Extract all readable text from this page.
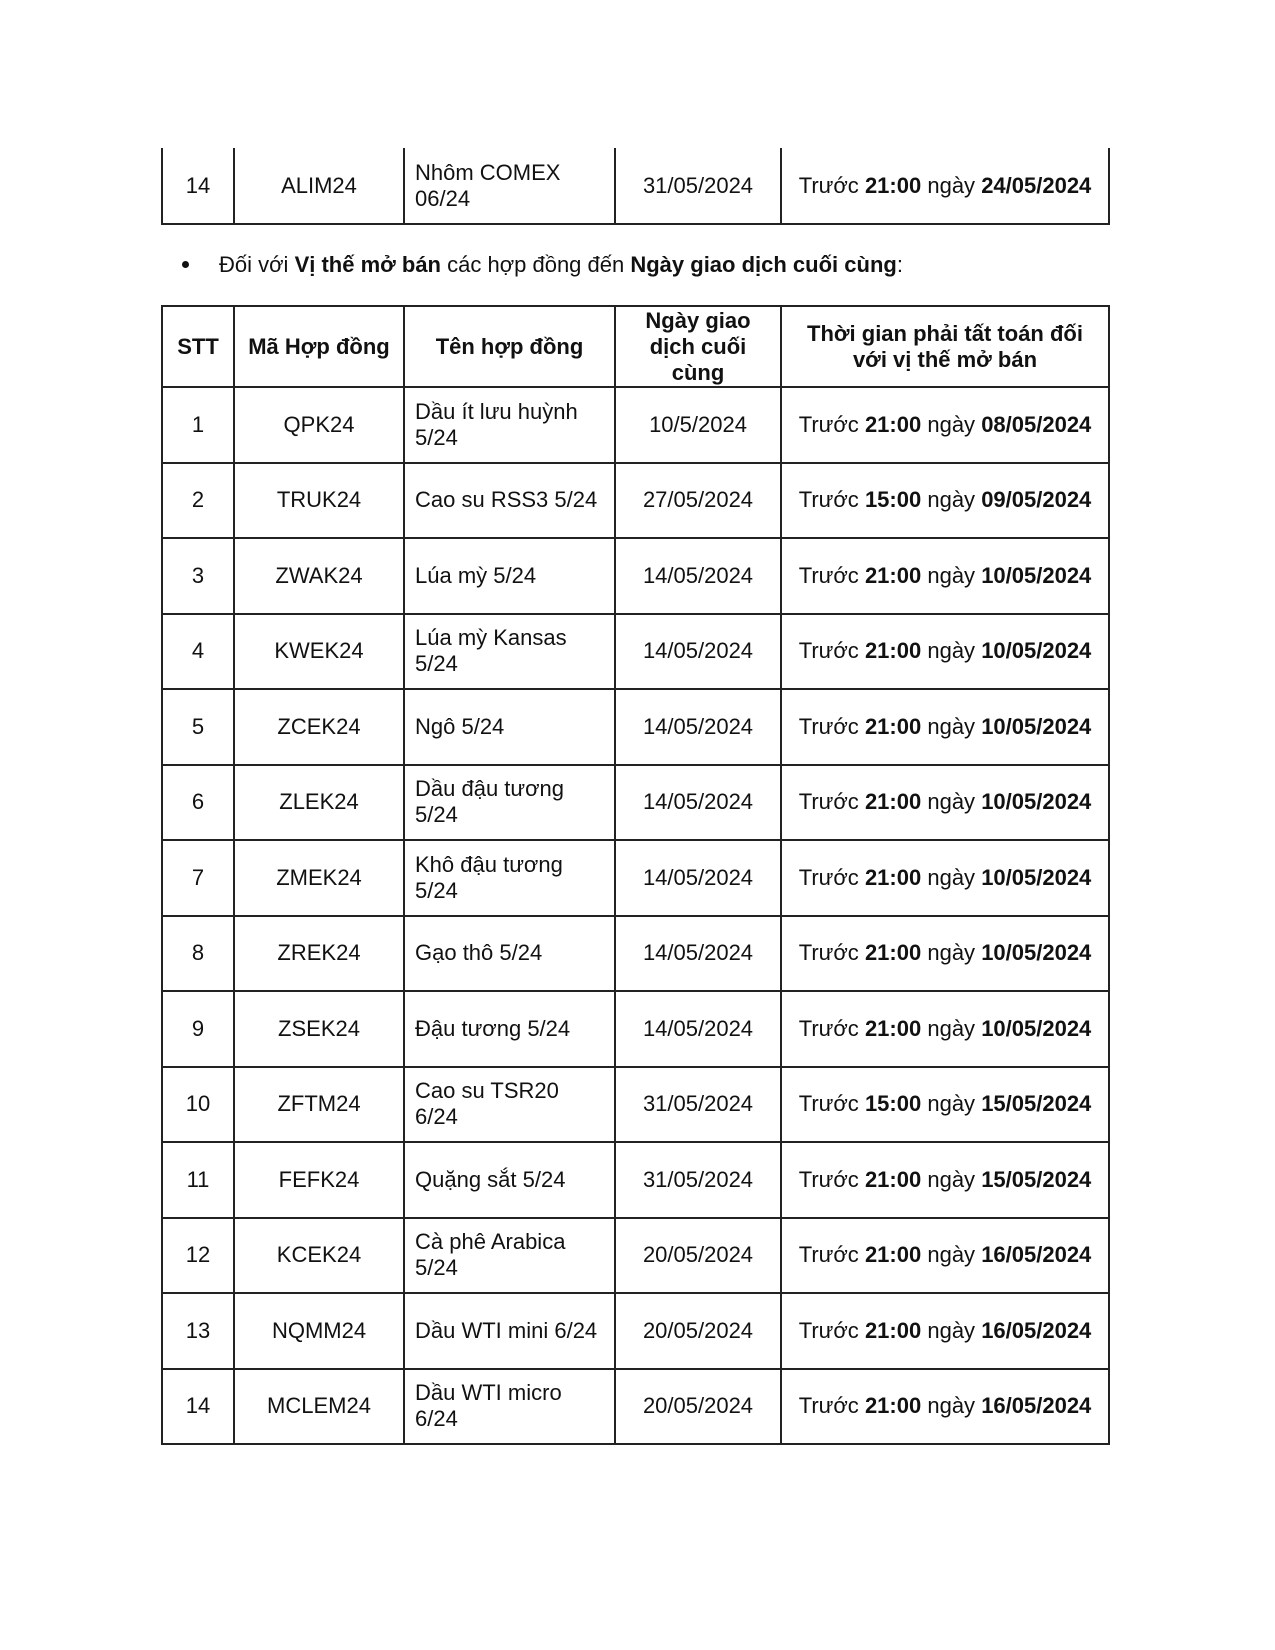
14	ALIM24	Nhôm COMEX 06/24	31/05/2024	Trước 21:00 ngày 24/05/2024
Đối với Vị thế mở bán các hợp đồng đến Ngày giao dịch cuối cùng:
STT	Mã Hợp đồng	Tên hợp đồng	Ngày giao dịch cuối cùng	Thời gian phải tất toán đối với vị thế mở bán
1	QPK24	Dầu ít lưu huỳnh 5/24	10/5/2024	Trước 21:00 ngày 08/05/2024
2	TRUK24	Cao su RSS3 5/24	27/05/2024	Trước 15:00 ngày 09/05/2024
3	ZWAK24	Lúa mỳ 5/24	14/05/2024	Trước 21:00 ngày 10/05/2024
4	KWEK24	Lúa mỳ Kansas 5/24	14/05/2024	Trước 21:00 ngày 10/05/2024
5	ZCEK24	Ngô 5/24	14/05/2024	Trước 21:00 ngày 10/05/2024
6	ZLEK24	Dầu đậu tương 5/24	14/05/2024	Trước 21:00 ngày 10/05/2024
7	ZMEK24	Khô đậu tương 5/24	14/05/2024	Trước 21:00 ngày 10/05/2024
8	ZREK24	Gạo thô 5/24	14/05/2024	Trước 21:00 ngày 10/05/2024
9	ZSEK24	Đậu tương 5/24	14/05/2024	Trước 21:00 ngày 10/05/2024
10	ZFTM24	Cao su TSR20 6/24	31/05/2024	Trước 15:00 ngày 15/05/2024
11	FEFK24	Quặng sắt 5/24	31/05/2024	Trước 21:00 ngày 15/05/2024
12	KCEK24	Cà phê Arabica 5/24	20/05/2024	Trước 21:00 ngày 16/05/2024
13	NQMM24	Dầu WTI mini 6/24	20/05/2024	Trước 21:00 ngày 16/05/2024
14	MCLEM24	Dầu WTI micro 6/24	20/05/2024	Trước 21:00 ngày 16/05/2024
